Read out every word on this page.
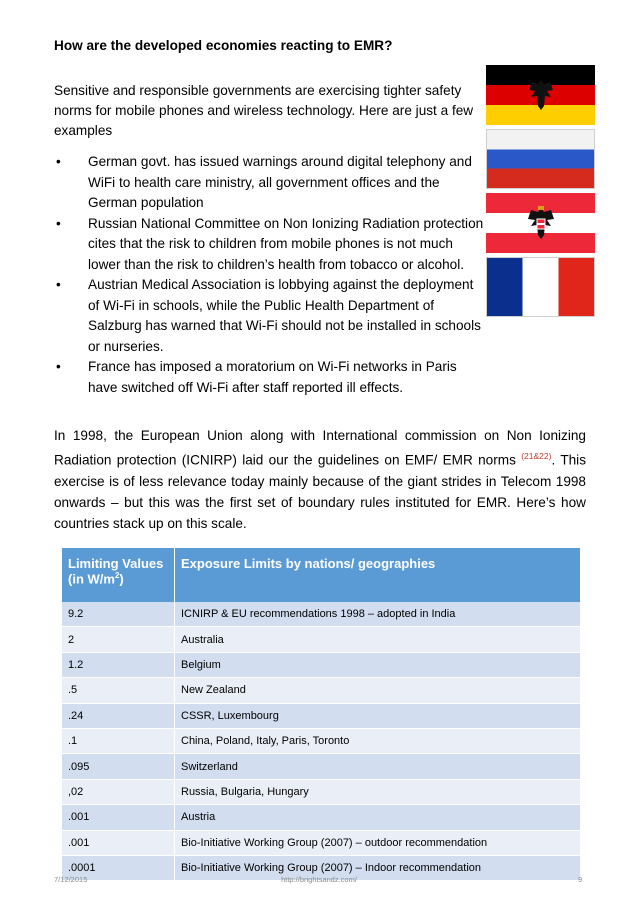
How are the developed economies reacting to EMR?
Sensitive and responsible governments are exercising tighter safety norms for mobile phones and wireless technology. Here are just a few examples
• German govt. has issued warnings around digital telephony and WiFi to health care ministry, all government offices and the German population
• Russian National Committee on Non Ionizing Radiation protection cites that the risk to children from mobile phones is not much lower than the risk to children’s health from tobacco or alcohol.
• Austrian Medical Association is lobbying against the deployment of Wi-Fi in schools, while the Public Health Department of Salzburg has warned that Wi-Fi should not be installed in schools or nurseries.
• France has imposed a moratorium on Wi-Fi networks in Paris have switched off Wi-Fi after staff reported ill effects.
In 1998, the European Union along with International commission on Non Ionizing Radiation protection (ICNIRP) laid our the guidelines on EMF/ EMR norms $^{(21\&22)}$. This exercise is of less relevance today mainly because of the giant strides in Telecom 1998 onwards – but this was the first set of boundary rules instituted for EMR. Here’s how countries stack up on this scale.
Limiting Values
(in $W/m^2$)	Exposure Limits by nations/ geographies
9.2	ICNIRP & EU recommendations 1998 – adopted in India
2	Australia
1.2	Belgium
.5	New Zealand
.24	CSSR, Luxembourg
.1	China, Poland, Italy, Paris, Toronto
.095	Switzerland
,02	Russia, Bulgaria, Hungary
.001	Austria
.001	Bio-Initiative Working Group (2007) – outdoor recommendation
.0001	Bio-Initiative Working Group (2007) – Indoor recommendation
7/12/2015	http://brightsandz.com/	9
